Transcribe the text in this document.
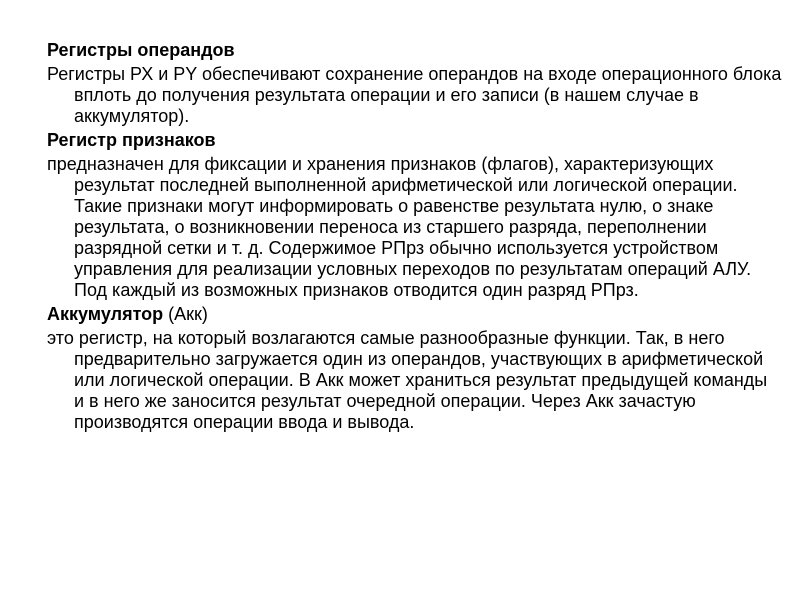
Регистры операндов
Регистры РХ и РY обеспечивают сохранение операндов на входе операционного блока вплоть до получения результата операции и его записи (в нашем случае в аккумулятор).
Регистр признаков
предназначен для фиксации и хранения признаков (флагов), характеризующих результат последней выполненной арифметической или логической операции. Такие признаки могут информировать о равенстве результата нулю, о знаке результата, о возникновении переноса из старшего разряда, переполнении разрядной сетки и т. д. Содержимое РПрз обычно используется устройством управления для реализации условных переходов по результатам операций АЛУ. Под каждый из возможных признаков отводится один разряд РПрз.
Аккумулятор (Акк)
это регистр, на который возлагаются самые разнообразные функции. Так, в него предварительно загружается один из операндов, участвующих в арифметической или логической операции. В Акк может храниться результат предыдущей команды и в него же заносится результат очередной операции. Через Акк зачастую производятся операции ввода и вывода.
